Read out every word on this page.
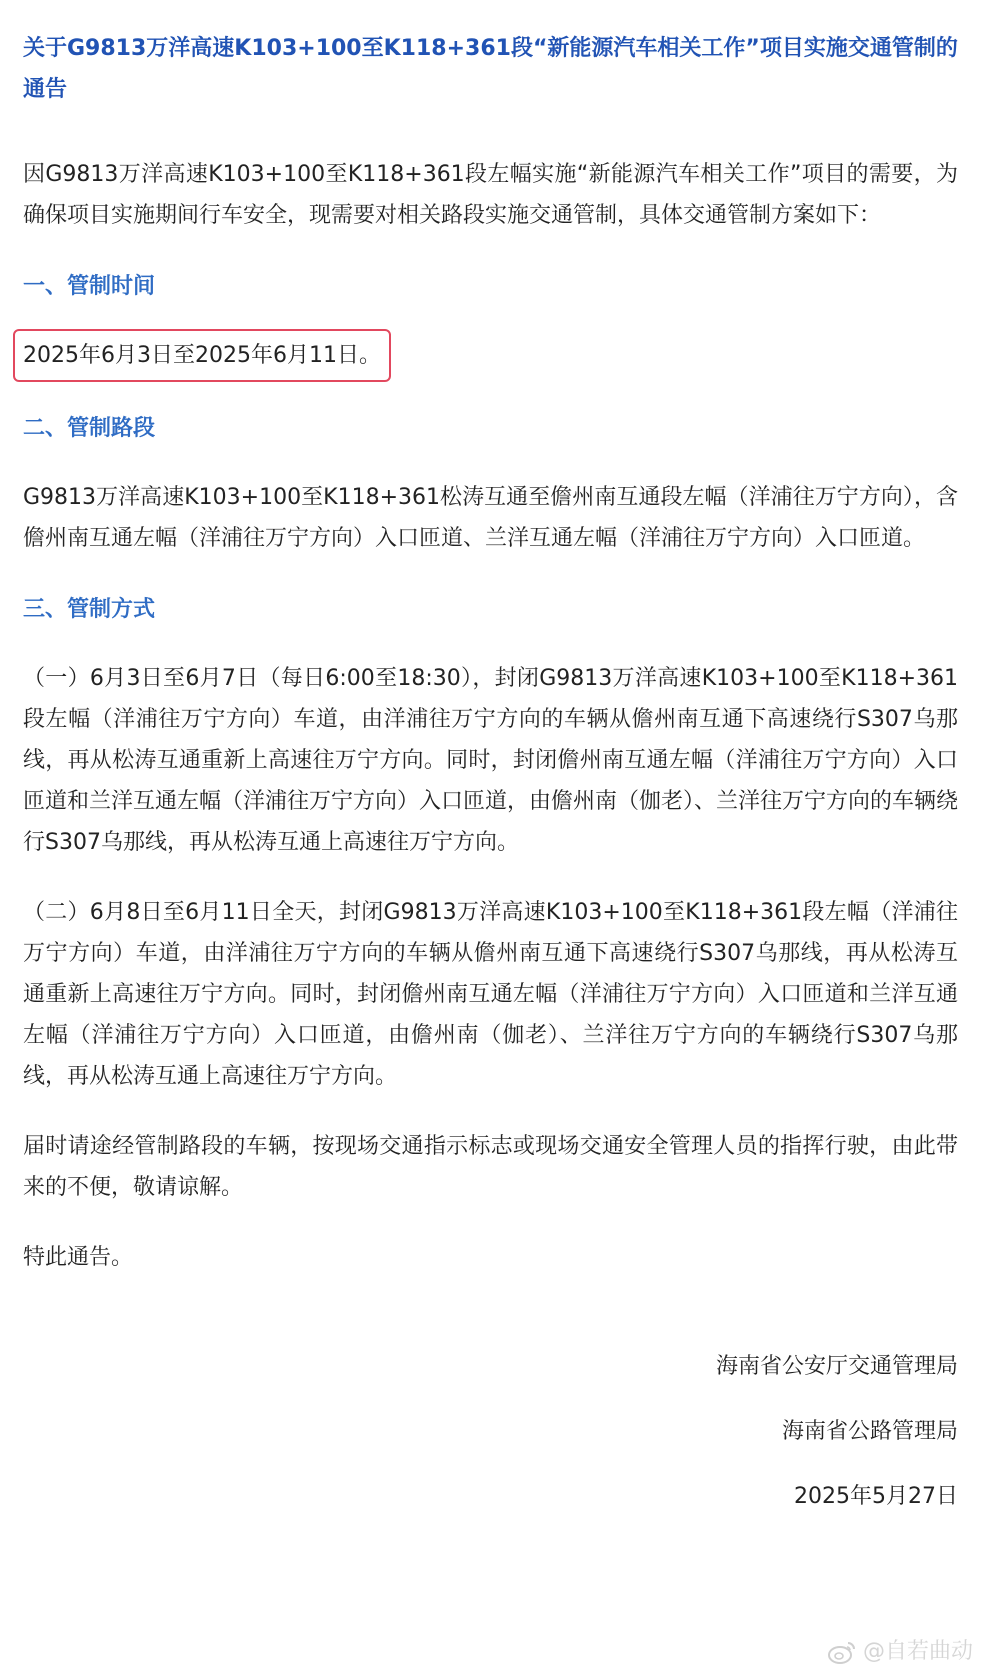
关于G9813万洋高速K103+100至K118+361段“新能源汽车相关工作”项目实施交通管制的通告

因G9813万洋高速K103+100至K118+361段左幅实施“新能源汽车相关工作”项目的需要，为确保项目实施期间行车安全，现需要对相关路段实施交通管制，具体交通管制方案如下：

一、管制时间
2025年6月3日至2025年6月11日。
二、管制路段

G9813万洋高速K103+100至K118+361松涛互通至儋州南互通段左幅（洋浦往万宁方向），含儋州南互通左幅（洋浦往万宁方向）入口匝道、兰洋互通左幅（洋浦往万宁方向）入口匝道。

三、管制方式

（一）6月3日至6月7日（每日6:00至18:30），封闭G9813万洋高速K103+100至K118+361段左幅（洋浦往万宁方向）车道，由洋浦往万宁方向的车辆从儋州南互通下高速绕行S307乌那线，再从松涛互通重新上高速往万宁方向。同时，封闭儋州南互通左幅（洋浦往万宁方向）入口匝道和兰洋互通左幅（洋浦往万宁方向）入口匝道，由儋州南（伽老）、兰洋往万宁方向的车辆绕行S307乌那线，再从松涛互通上高速往万宁方向。

（二）6月8日至6月11日全天，封闭G9813万洋高速K103+100至K118+361段左幅（洋浦往万宁方向）车道，由洋浦往万宁方向的车辆从儋州南互通下高速绕行S307乌那线，再从松涛互通重新上高速往万宁方向。同时，封闭儋州南互通左幅（洋浦往万宁方向）入口匝道和兰洋互通左幅（洋浦往万宁方向）入口匝道，由儋州南（伽老）、兰洋往万宁方向的车辆绕行S307乌那线，再从松涛互通上高速往万宁方向。

届时请途经管制路段的车辆，按现场交通指示标志或现场交通安全管理人员的指挥行驶，由此带来的不便，敬请谅解。

特此通告。

海南省公安厅交通管理局

海南省公路管理局

2025年5月27日

@自若曲动
